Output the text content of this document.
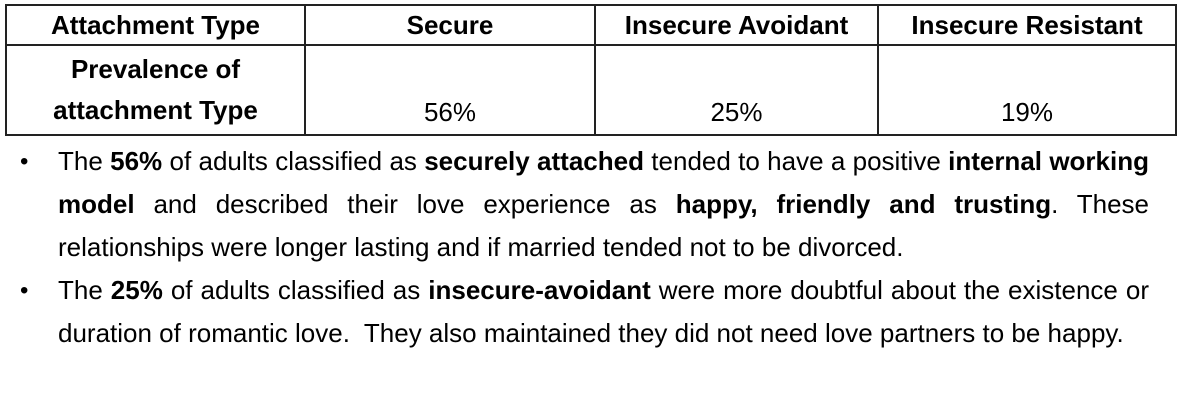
Attachment Type	Secure	Insecure Avoidant	Insecure Resistant

Prevalence of
attachment Type	56%	25%	19%
•	The 56% of adults classified as securely attached tended to have a positive internal working model and described their love experience as happy, friendly and trusting. These relationships were longer lasting and if married tended not to be divorced.
•	The 25% of adults classified as insecure-avoidant were more doubtful about the existence or duration of romantic love.  They also maintained they did not need love partners to be happy.
